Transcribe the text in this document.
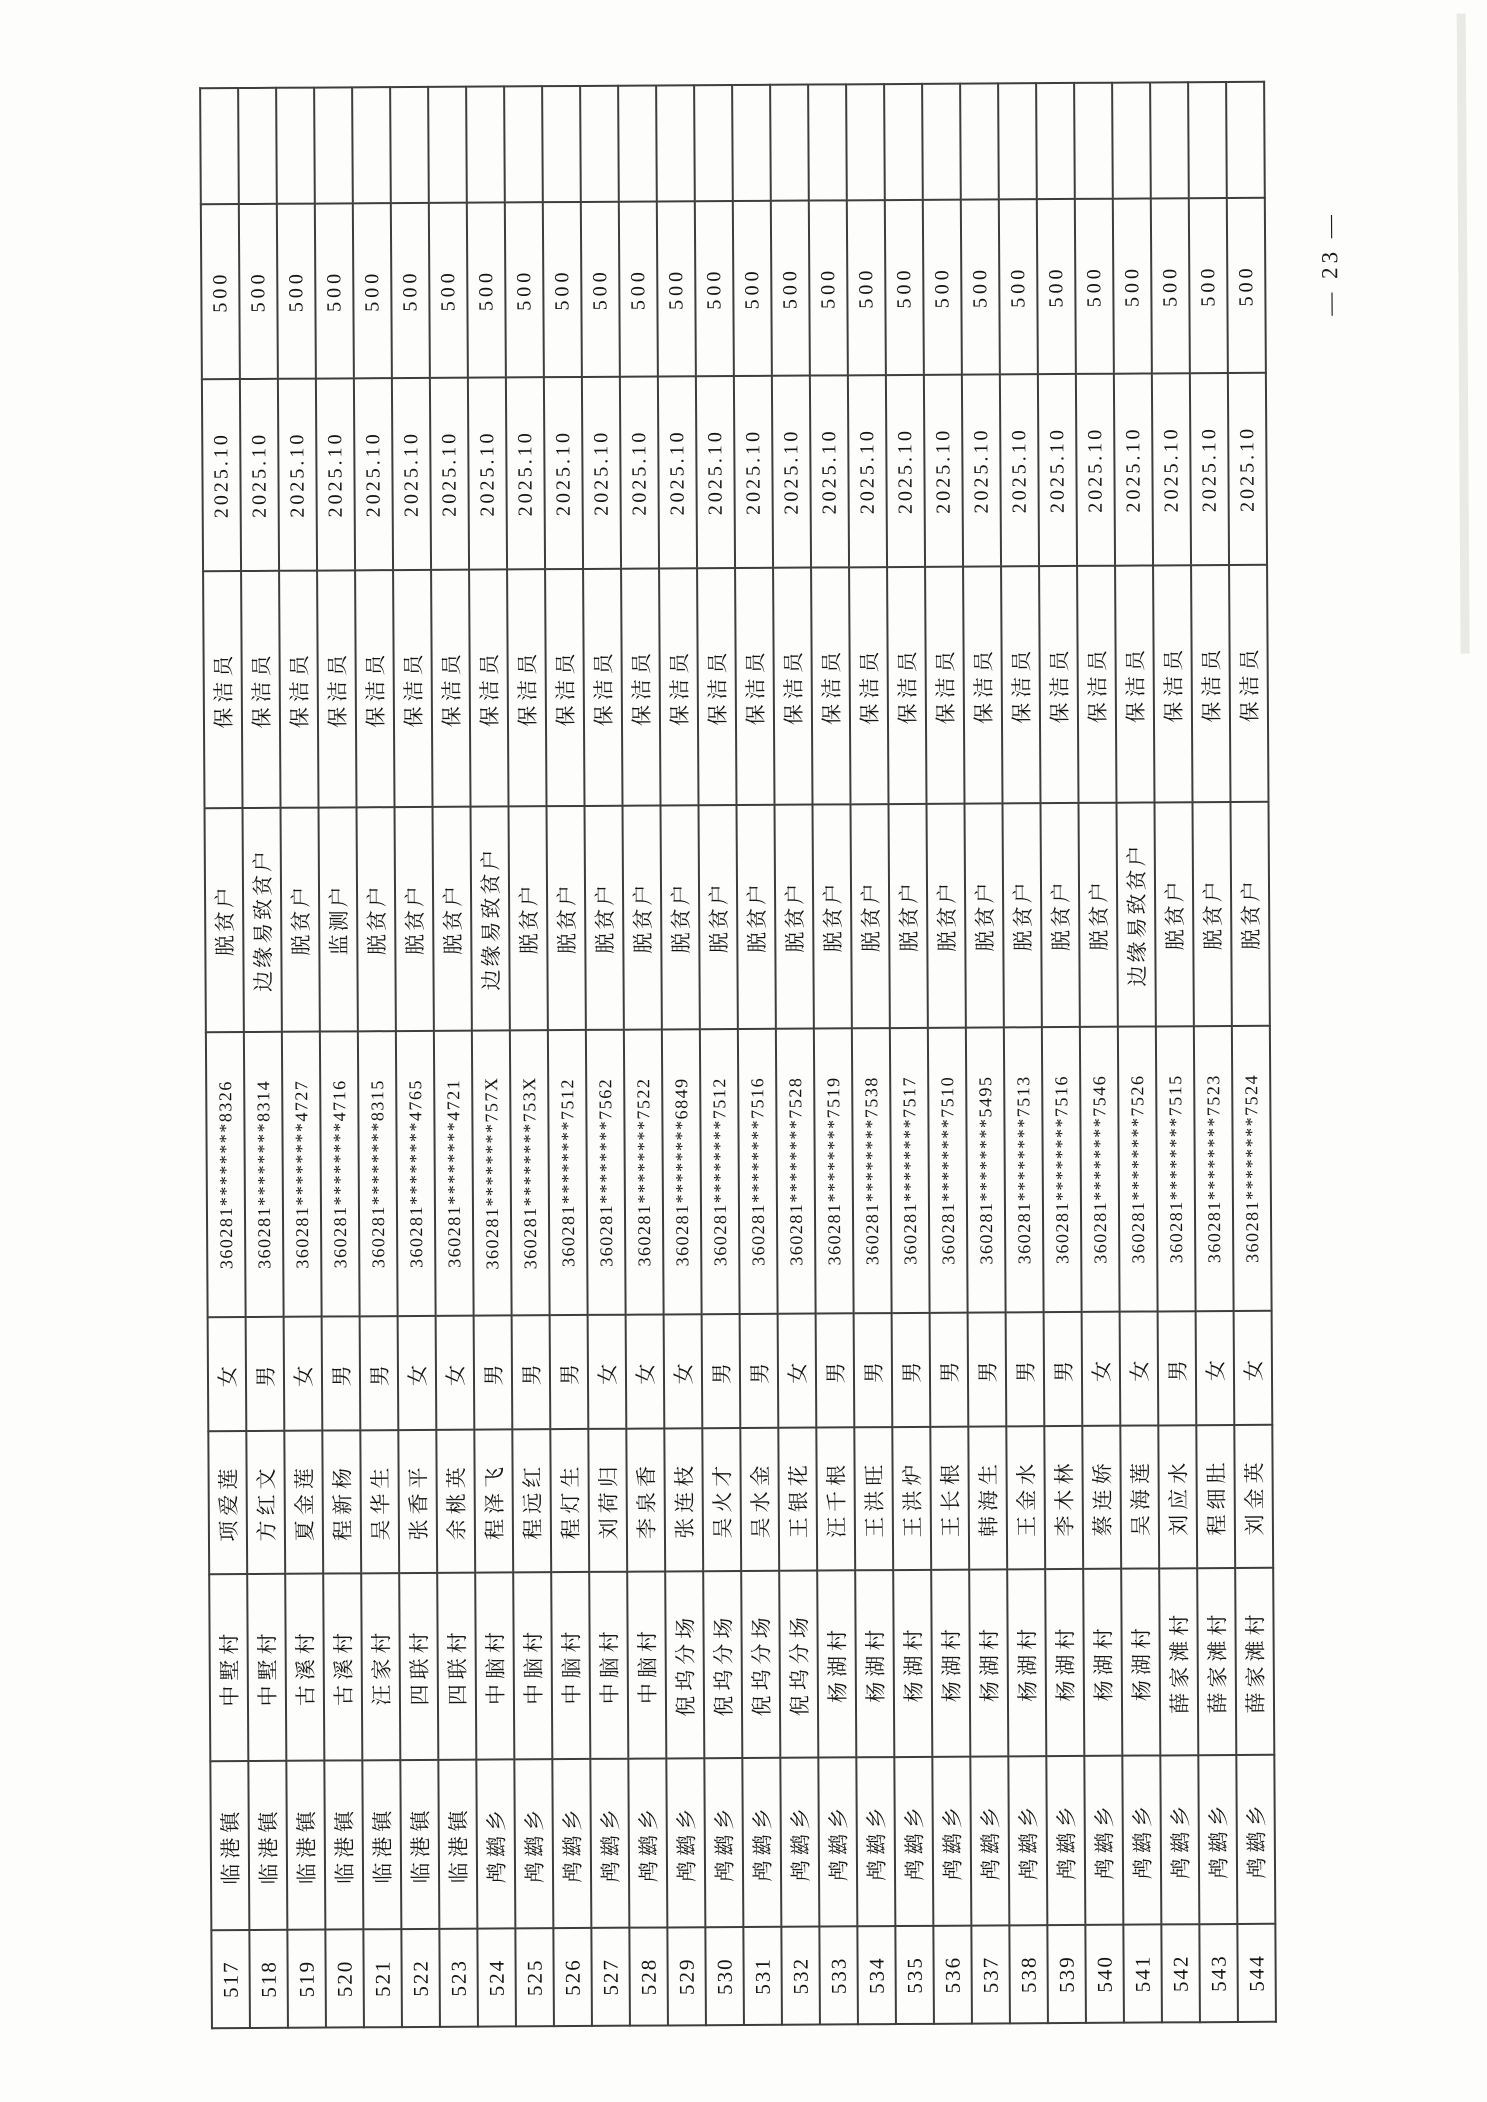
517	临港镇	中墅村	项爱莲	女	360281********8326	脱贫户	保洁员	2025.10	500	
518	临港镇	中墅村	方红文	男	360281********8314	边缘易致贫户	保洁员	2025.10	500	
519	临港镇	古溪村	夏金莲	女	360281********4727	脱贫户	保洁员	2025.10	500	
520	临港镇	古溪村	程新杨	男	360281********4716	监测户	保洁员	2025.10	500	
521	临港镇	汪家村	吴华生	男	360281********8315	脱贫户	保洁员	2025.10	500	
522	临港镇	四联村	张香平	女	360281********4765	脱贫户	保洁员	2025.10	500	
523	临港镇	四联村	余桃英	女	360281********4721	脱贫户	保洁员	2025.10	500	
524	鸬鹚乡	中脑村	程泽飞	男	360281********757X	边缘易致贫户	保洁员	2025.10	500	
525	鸬鹚乡	中脑村	程远红	男	360281********753X	脱贫户	保洁员	2025.10	500	
526	鸬鹚乡	中脑村	程灯生	男	360281********7512	脱贫户	保洁员	2025.10	500	
527	鸬鹚乡	中脑村	刘荷归	女	360281********7562	脱贫户	保洁员	2025.10	500	
528	鸬鹚乡	中脑村	李泉香	女	360281********7522	脱贫户	保洁员	2025.10	500	
529	鸬鹚乡	倪坞分场	张连枝	女	360281********6849	脱贫户	保洁员	2025.10	500	
530	鸬鹚乡	倪坞分场	吴火才	男	360281********7512	脱贫户	保洁员	2025.10	500	
531	鸬鹚乡	倪坞分场	吴水金	男	360281********7516	脱贫户	保洁员	2025.10	500	
532	鸬鹚乡	倪坞分场	王银花	女	360281********7528	脱贫户	保洁员	2025.10	500	
533	鸬鹚乡	杨湖村	汪千根	男	360281********7519	脱贫户	保洁员	2025.10	500	
534	鸬鹚乡	杨湖村	王洪旺	男	360281********7538	脱贫户	保洁员	2025.10	500	
535	鸬鹚乡	杨湖村	王洪炉	男	360281********7517	脱贫户	保洁员	2025.10	500	
536	鸬鹚乡	杨湖村	王长根	男	360281********7510	脱贫户	保洁员	2025.10	500	
537	鸬鹚乡	杨湖村	韩海生	男	360281********5495	脱贫户	保洁员	2025.10	500	
538	鸬鹚乡	杨湖村	王金水	男	360281********7513	脱贫户	保洁员	2025.10	500	
539	鸬鹚乡	杨湖村	李木林	男	360281********7516	脱贫户	保洁员	2025.10	500	
540	鸬鹚乡	杨湖村	蔡连娇	女	360281********7546	脱贫户	保洁员	2025.10	500	
541	鸬鹚乡	杨湖村	吴海莲	女	360281********7526	边缘易致贫户	保洁员	2025.10	500	
542	鸬鹚乡	薛家滩村	刘应水	男	360281********7515	脱贫户	保洁员	2025.10	500	
543	鸬鹚乡	薛家滩村	程细肚	女	360281********7523	脱贫户	保洁员	2025.10	500	
544	鸬鹚乡	薛家滩村	刘金英	女	360281********7524	脱贫户	保洁员	2025.10	500		— 23 —
